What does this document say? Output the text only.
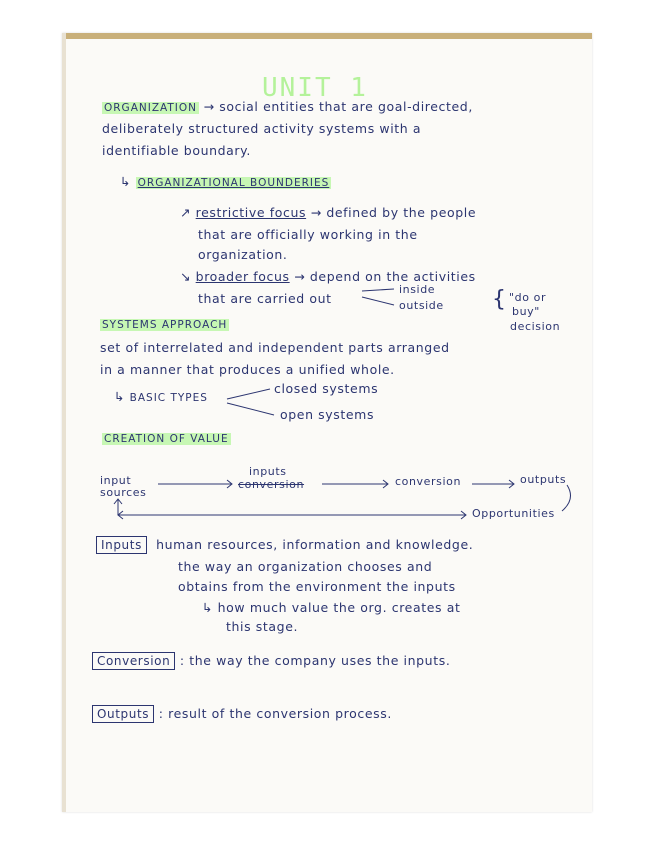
UNIT 1
ORGANIZATION → social entities that are goal-directed,
deliberately structured activity systems with a
identifiable boundary.
↳ ORGANIZATIONAL BOUNDERIES
↗ restrictive focus → defined by the people
that are officially working in the
organization.
↘ broader focus → depend on the activities
that are carried out
inside
outside { "do or
buy"
decision
SYSTEMS APPROACH
set of interrelated and independent parts arranged
in a manner that produces a unified whole.
↳ BASIC TYPES
closed systems
open systems
CREATION OF VALUE
input
sources
inputs
conversion	conversion	outputs
Opportunities
Inputs human resources, information and knowledge.
the way an organization chooses and
obtains from the environment the inputs
↳ how much value the org. creates at
this stage.
Conversion : the way the company uses the inputs.
Outputs : result of the conversion process.
